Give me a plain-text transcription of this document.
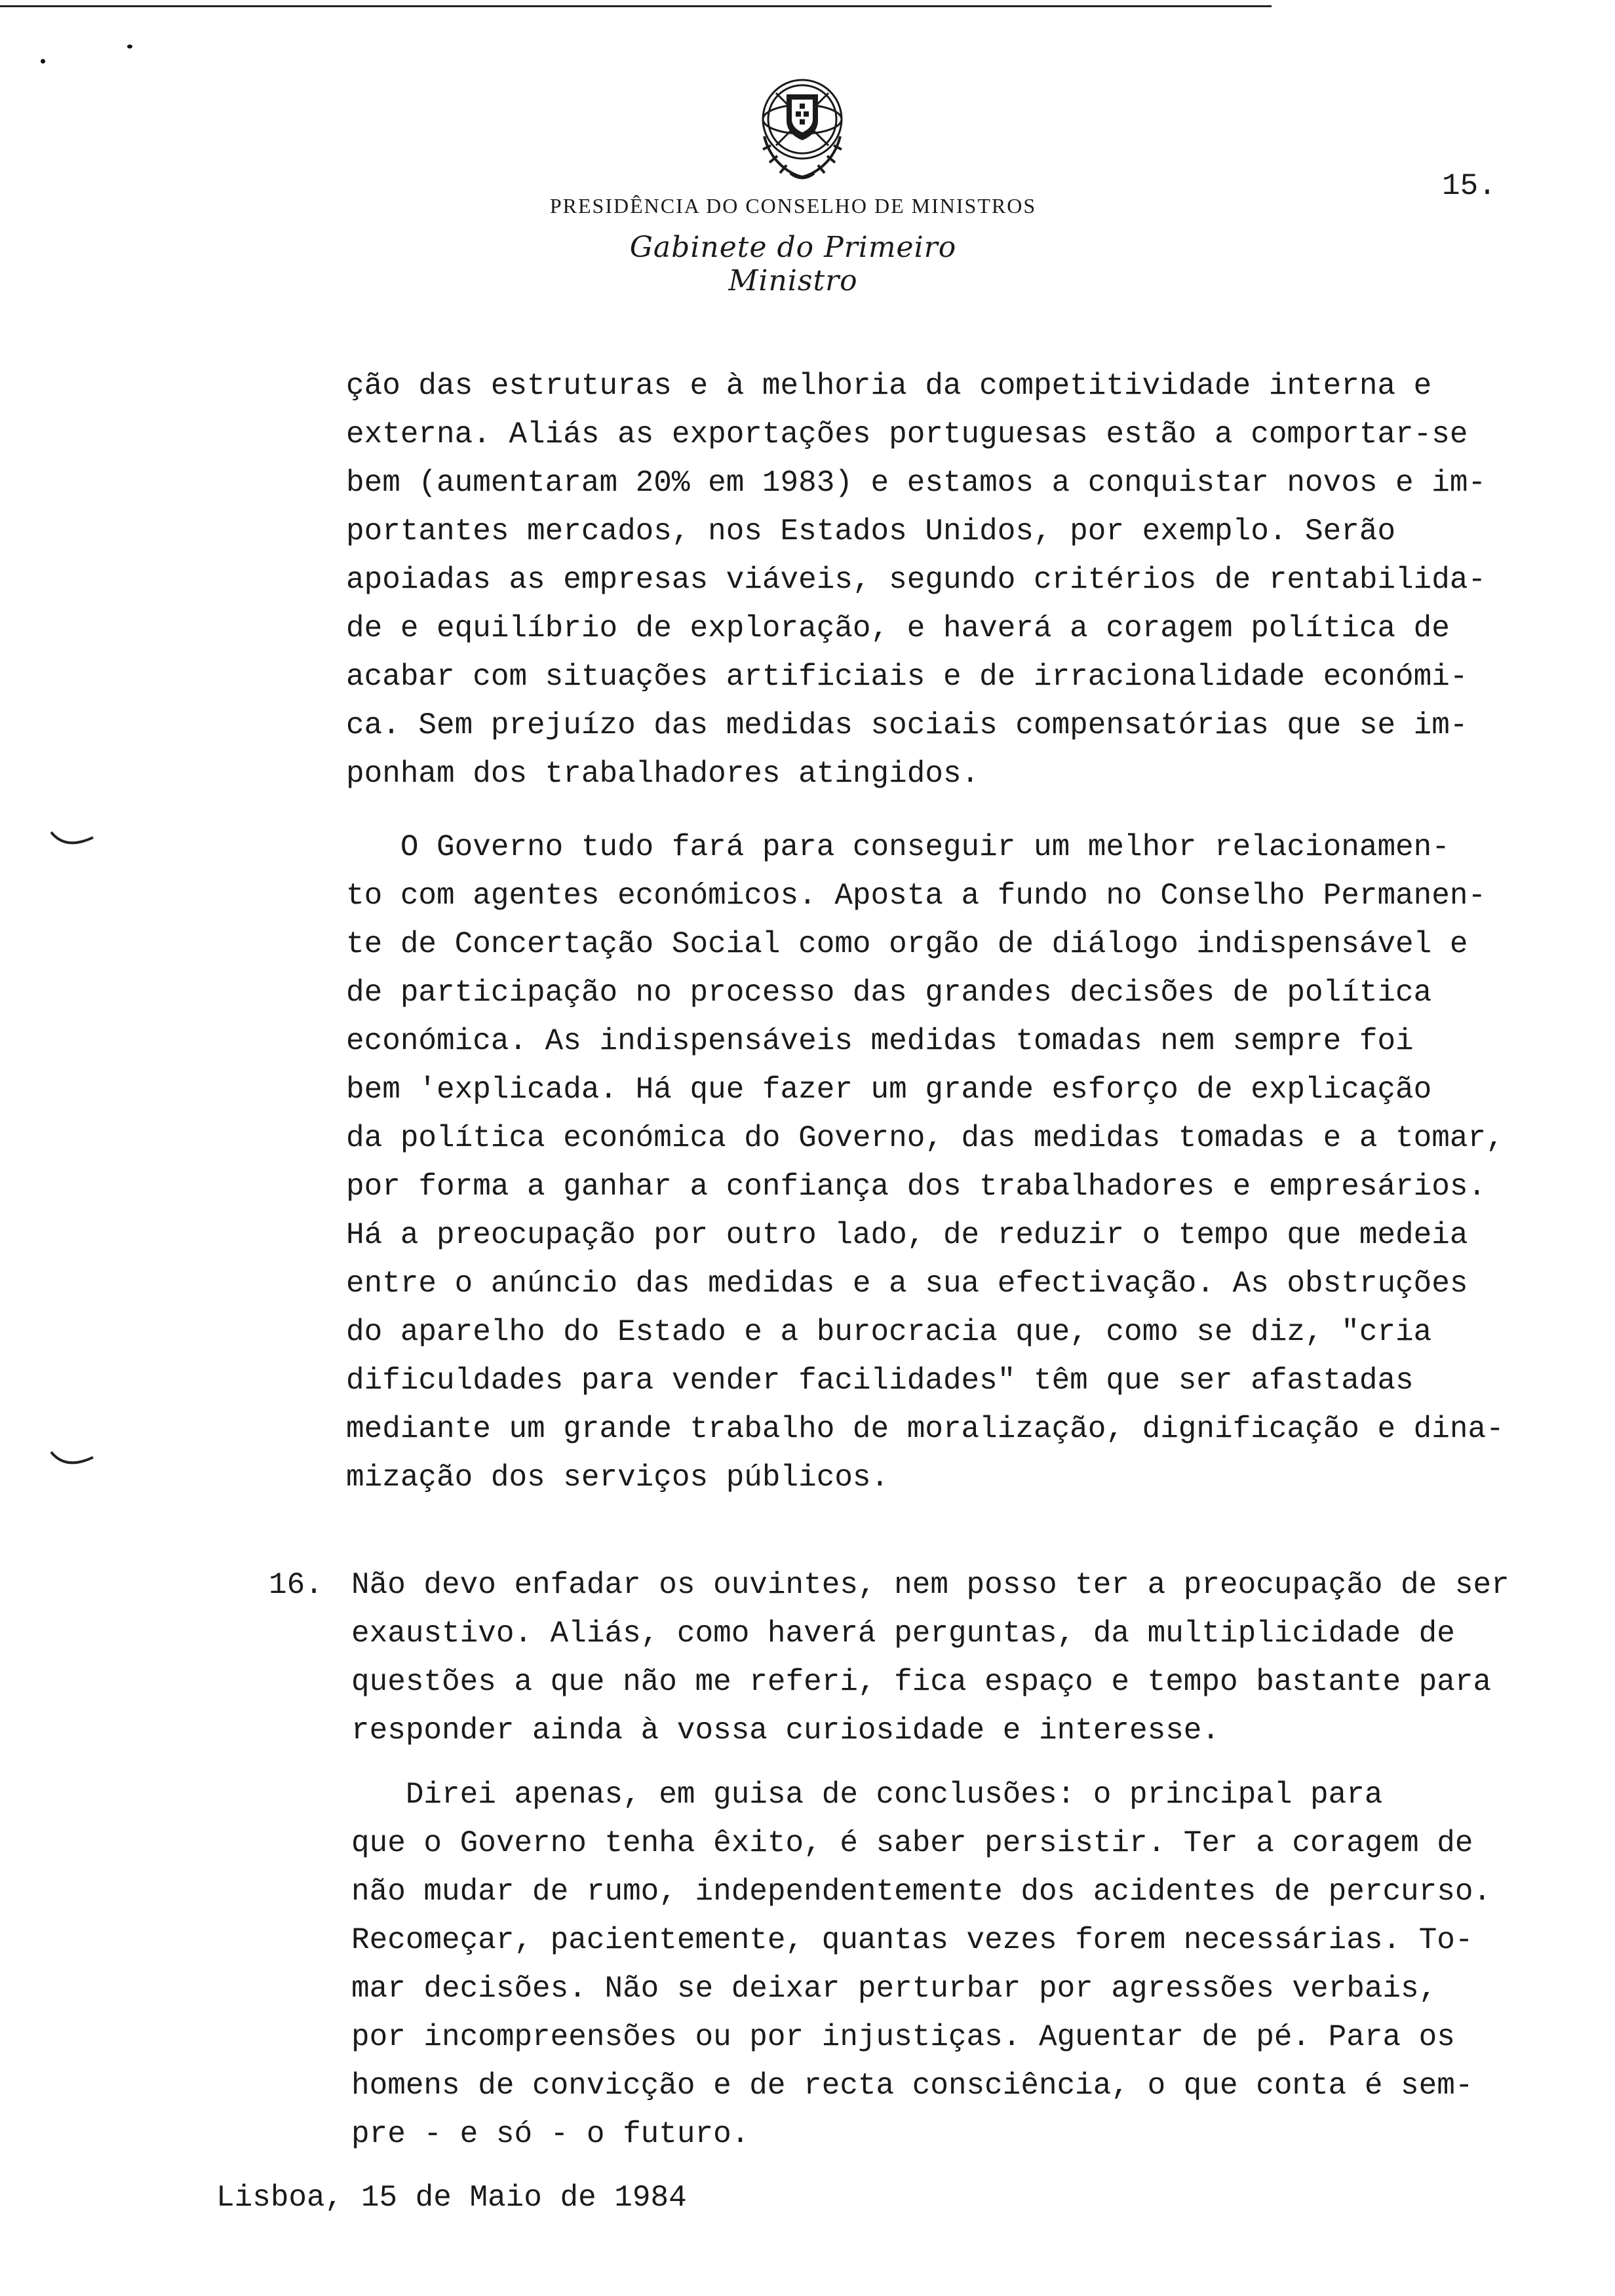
PRESIDÊNCIA DO CONSELHO DE MINISTROS
Gabinete do Primeiro Ministro
15.
ção das estruturas e à melhoria da competitividade interna e
externa. Aliás as exportações portuguesas estão a comportar-se
bem (aumentaram 20% em 1983) e estamos a conquistar novos e im-
portantes mercados, nos Estados Unidos, por exemplo. Serão
apoiadas as empresas viáveis, segundo critérios de rentabilida-
de e equilíbrio de exploração, e haverá a coragem política de
acabar com situações artificiais e de irracionalidade económi-
ca. Sem prejuízo das medidas sociais compensatórias que se im-
ponham dos trabalhadores atingidos.
O Governo tudo fará para conseguir um melhor relacionamen-
to com agentes económicos. Aposta a fundo no Conselho Permanen-
te de Concertação Social como orgão de diálogo indispensável e
de participação no processo das grandes decisões de política
económica. As indispensáveis medidas tomadas nem sempre foi
bem 'explicada. Há que fazer um grande esforço de explicação
da política económica do Governo, das medidas tomadas e a tomar,
por forma a ganhar a confiança dos trabalhadores e empresários.
Há a preocupação por outro lado, de reduzir o tempo que medeia
entre o anúncio das medidas e a sua efectivação. As obstruções
do aparelho do Estado e a burocracia que, como se diz, "cria
dificuldades para vender facilidades" têm que ser afastadas
mediante um grande trabalho de moralização, dignificação e dina-
mização dos serviços públicos.
16. Não devo enfadar os ouvintes, nem posso ter a preocupação de ser
exaustivo. Aliás, como haverá perguntas, da multiplicidade de
questões a que não me referi, fica espaço e tempo bastante para
responder ainda à vossa curiosidade e interesse.
Direi apenas, em guisa de conclusões: o principal para
que o Governo tenha êxito, é saber persistir. Ter a coragem de
não mudar de rumo, independentemente dos acidentes de percurso.
Recomeçar, pacientemente, quantas vezes forem necessárias. To-
mar decisões. Não se deixar perturbar por agressões verbais,
por incompreensões ou por injustiças. Aguentar de pé. Para os
homens de convicção e de recta consciência, o que conta é sem-
pre - e só - o futuro.
Lisboa, 15 de Maio de 1984
